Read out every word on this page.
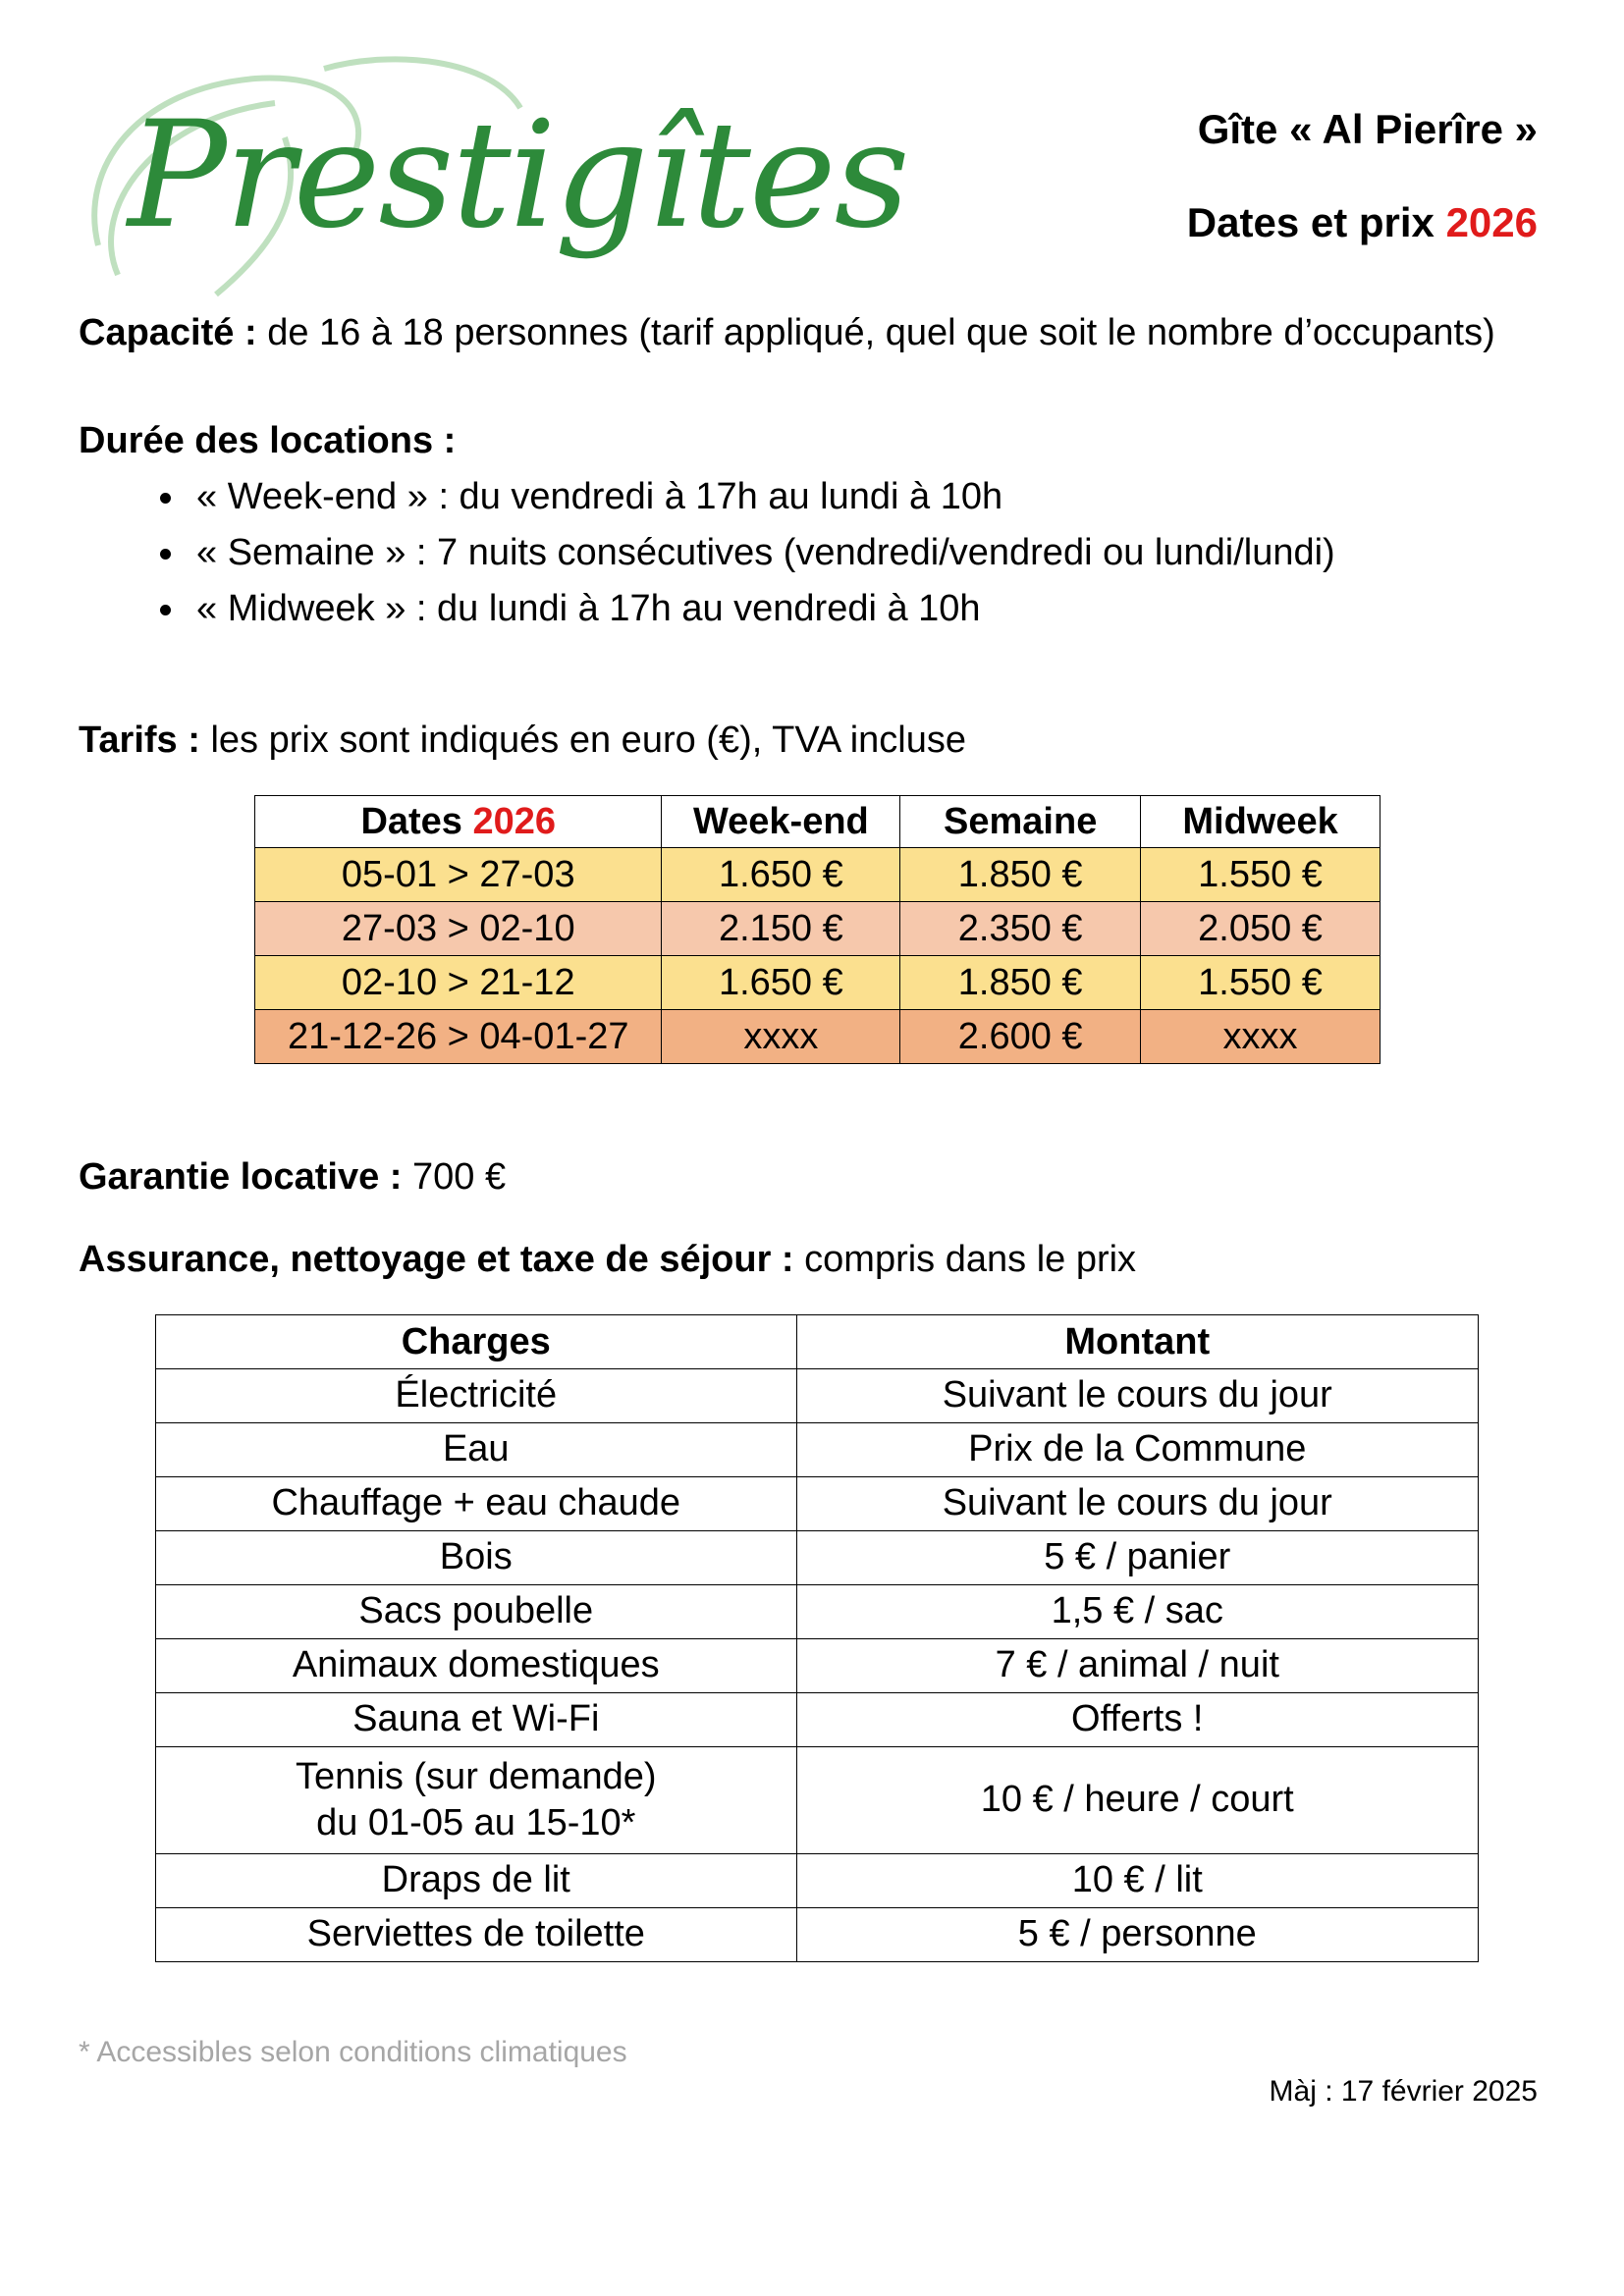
Prestigîtes	Gîte « Al Pierîre »
Dates et prix 2026
Capacité : de 16 à 18 personnes (tarif appliqué, quel que soit le nombre d’occupants)
Durée des locations :
« Week-end » : du vendredi à 17h au lundi à 10h
« Semaine » : 7 nuits consécutives (vendredi/vendredi ou lundi/lundi)
« Midweek » : du lundi à 17h au vendredi à 10h
Tarifs : les prix sont indiqués en euro (€), TVA incluse
Dates 2026	Week-end	Semaine	Midweek
05-01 > 27-03	1.650 €	1.850 €	1.550 €
27-03 > 02-10	2.150 €	2.350 €	2.050 €
02-10 > 21-12	1.650 €	1.850 €	1.550 €
21-12-26 > 04-01-27	xxxx	2.600 €	xxxx
Garantie locative : 700 €
Assurance, nettoyage et taxe de séjour : compris dans le prix
Charges	Montant
Électricité	Suivant le cours du jour
Eau	Prix de la Commune
Chauffage + eau chaude	Suivant le cours du jour
Bois	5 € / panier
Sacs poubelle	1,5 € / sac
Animaux domestiques	7 € / animal / nuit
Sauna et Wi-Fi	Offerts !

Tennis (sur demande)
du 01-05 au 15-10*	10 € / heure / court
Draps de lit	10 € / lit
Serviettes de toilette	5 € / personne
* Accessibles selon conditions climatiques
Màj : 17 février 2025
